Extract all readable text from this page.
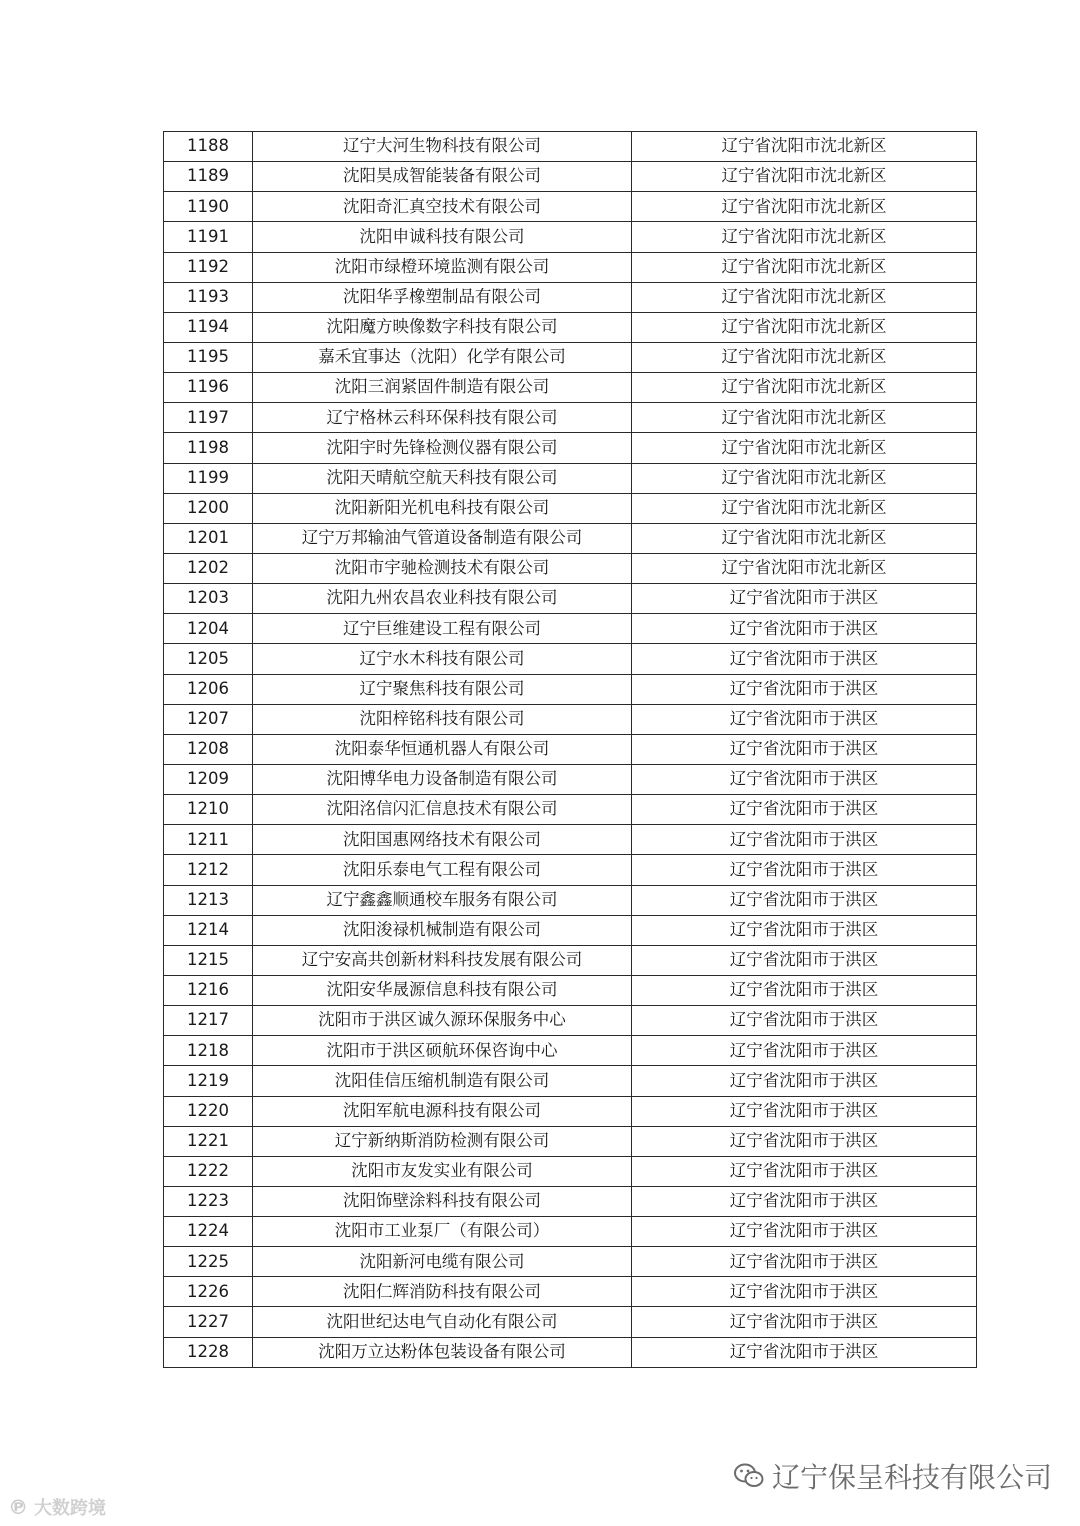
1188	辽宁大河生物科技有限公司	辽宁省沈阳市沈北新区
1189	沈阳昊成智能装备有限公司	辽宁省沈阳市沈北新区
1190	沈阳奇汇真空技术有限公司	辽宁省沈阳市沈北新区
1191	沈阳申诚科技有限公司	辽宁省沈阳市沈北新区
1192	沈阳市绿橙环境监测有限公司	辽宁省沈阳市沈北新区
1193	沈阳华孚橡塑制品有限公司	辽宁省沈阳市沈北新区
1194	沈阳魔方映像数字科技有限公司	辽宁省沈阳市沈北新区
1195	嘉禾宜事达（沈阳）化学有限公司	辽宁省沈阳市沈北新区
1196	沈阳三润紧固件制造有限公司	辽宁省沈阳市沈北新区
1197	辽宁格林云科环保科技有限公司	辽宁省沈阳市沈北新区
1198	沈阳宇时先锋检测仪器有限公司	辽宁省沈阳市沈北新区
1199	沈阳天晴航空航天科技有限公司	辽宁省沈阳市沈北新区
1200	沈阳新阳光机电科技有限公司	辽宁省沈阳市沈北新区
1201	辽宁万邦输油气管道设备制造有限公司	辽宁省沈阳市沈北新区
1202	沈阳市宇驰检测技术有限公司	辽宁省沈阳市沈北新区
1203	沈阳九州农昌农业科技有限公司	辽宁省沈阳市于洪区
1204	辽宁巨维建设工程有限公司	辽宁省沈阳市于洪区
1205	辽宁水木科技有限公司	辽宁省沈阳市于洪区
1206	辽宁聚焦科技有限公司	辽宁省沈阳市于洪区
1207	沈阳梓铭科技有限公司	辽宁省沈阳市于洪区
1208	沈阳泰华恒通机器人有限公司	辽宁省沈阳市于洪区
1209	沈阳博华电力设备制造有限公司	辽宁省沈阳市于洪区
1210	沈阳洺信闪汇信息技术有限公司	辽宁省沈阳市于洪区
1211	沈阳国惠网络技术有限公司	辽宁省沈阳市于洪区
1212	沈阳乐泰电气工程有限公司	辽宁省沈阳市于洪区
1213	辽宁鑫鑫顺通校车服务有限公司	辽宁省沈阳市于洪区
1214	沈阳浚禄机械制造有限公司	辽宁省沈阳市于洪区
1215	辽宁安高共创新材料科技发展有限公司	辽宁省沈阳市于洪区
1216	沈阳安华晟源信息科技有限公司	辽宁省沈阳市于洪区
1217	沈阳市于洪区诚久源环保服务中心	辽宁省沈阳市于洪区
1218	沈阳市于洪区硕航环保咨询中心	辽宁省沈阳市于洪区
1219	沈阳佳信压缩机制造有限公司	辽宁省沈阳市于洪区
1220	沈阳军航电源科技有限公司	辽宁省沈阳市于洪区
1221	辽宁新纳斯消防检测有限公司	辽宁省沈阳市于洪区
1222	沈阳市友发实业有限公司	辽宁省沈阳市于洪区
1223	沈阳饰壁涂料科技有限公司	辽宁省沈阳市于洪区
1224	沈阳市工业泵厂（有限公司）	辽宁省沈阳市于洪区
1225	沈阳新河电缆有限公司	辽宁省沈阳市于洪区
1226	沈阳仁辉消防科技有限公司	辽宁省沈阳市于洪区
1227	沈阳世纪达电气自动化有限公司	辽宁省沈阳市于洪区
1228	沈阳万立达粉体包装设备有限公司	辽宁省沈阳市于洪区
℗ 大数跨境
辽宁保呈科技有限公司
